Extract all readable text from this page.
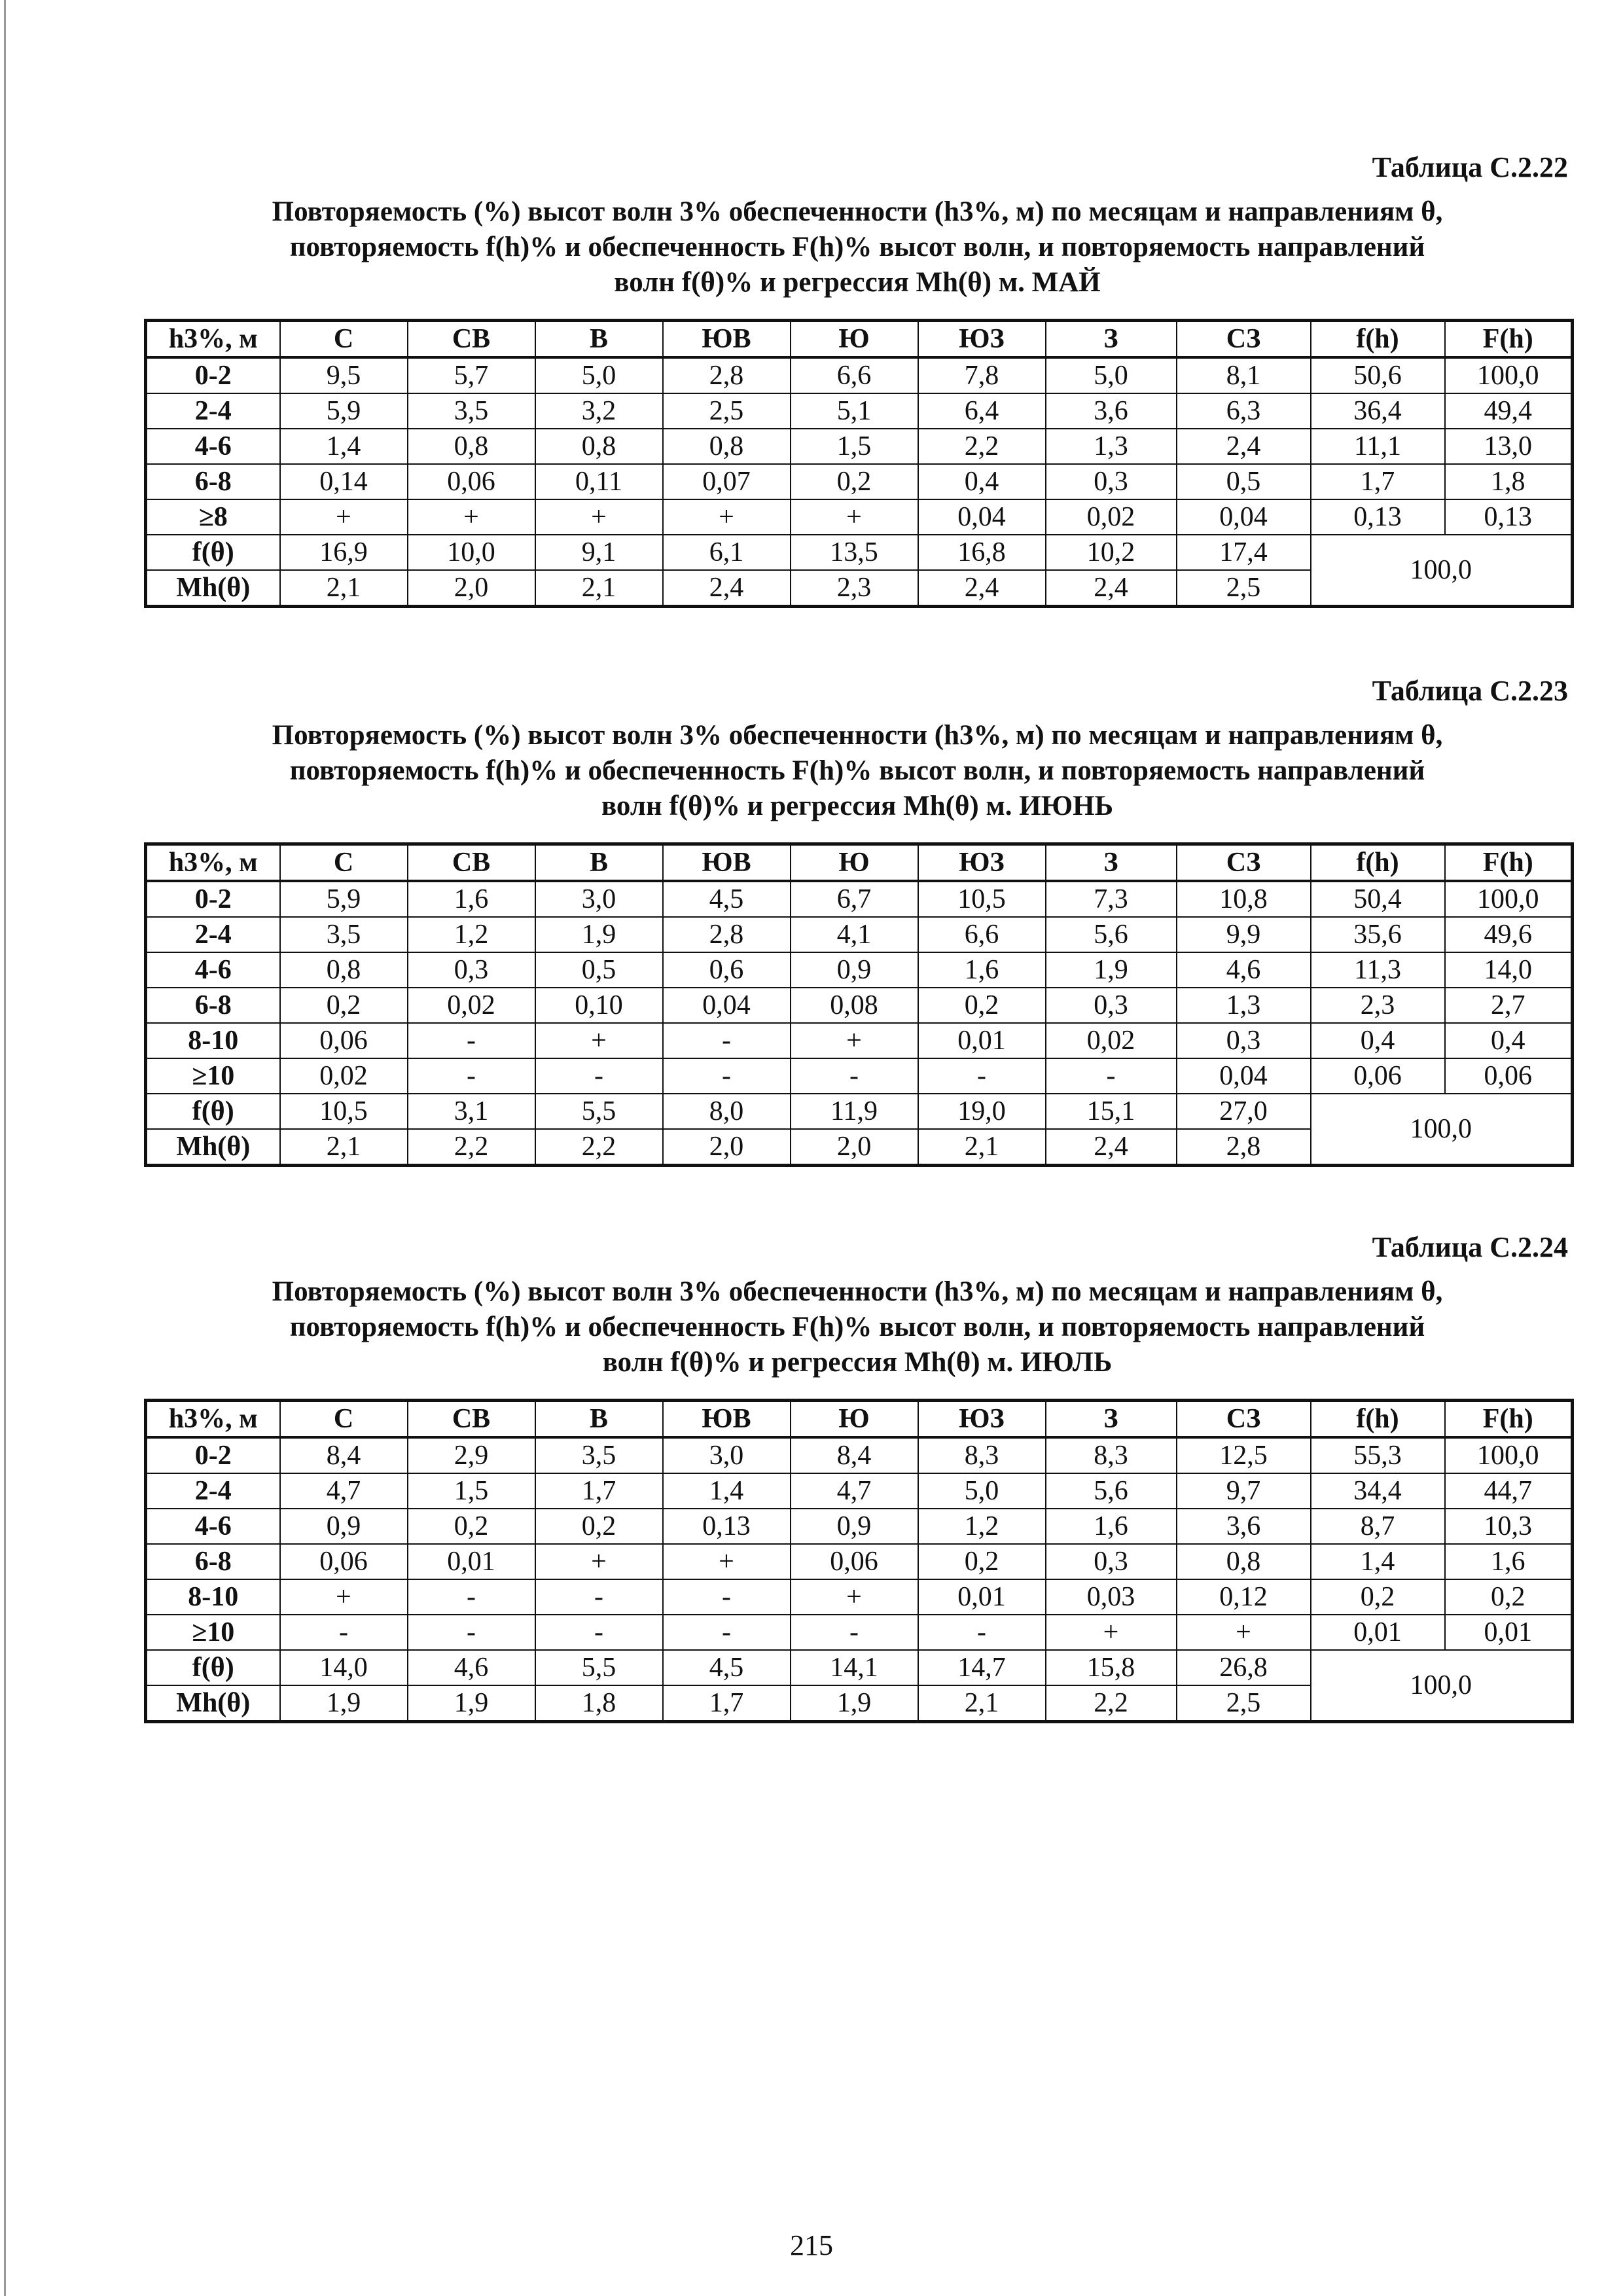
Таблица С.2.22
Повторяемость (%) высот волн 3% обеспеченности (h3%, м) по месяцам и направлениям θ,
повторяемость f(h)% и обеспеченность F(h)% высот волн, и повторяемость направлений
волн f(θ)% и регрессия Mh(θ) м. МАЙ
h3%, м	С	СВ	В	ЮВ	Ю	ЮЗ	З	СЗ	f(h)	F(h)
0-2	9,5	5,7	5,0	2,8	6,6	7,8	5,0	8,1	50,6	100,0
2-4	5,9	3,5	3,2	2,5	5,1	6,4	3,6	6,3	36,4	49,4
4-6	1,4	0,8	0,8	0,8	1,5	2,2	1,3	2,4	11,1	13,0
6-8	0,14	0,06	0,11	0,07	0,2	0,4	0,3	0,5	1,7	1,8
≥8	+	+	+	+	+	0,04	0,02	0,04	0,13	0,13
f(θ)	16,9	10,0	9,1	6,1	13,5	16,8	10,2	17,4	100,0	
Mh(θ)	2,1	2,0	2,1	2,4	2,3	2,4	2,4	2,5		
Таблица С.2.23
Повторяемость (%) высот волн 3% обеспеченности (h3%, м) по месяцам и направлениям θ,
повторяемость f(h)% и обеспеченность F(h)% высот волн, и повторяемость направлений
волн f(θ)% и регрессия Mh(θ) м. ИЮНЬ
h3%, м	С	СВ	В	ЮВ	Ю	ЮЗ	З	СЗ	f(h)	F(h)
0-2	5,9	1,6	3,0	4,5	6,7	10,5	7,3	10,8	50,4	100,0
2-4	3,5	1,2	1,9	2,8	4,1	6,6	5,6	9,9	35,6	49,6
4-6	0,8	0,3	0,5	0,6	0,9	1,6	1,9	4,6	11,3	14,0
6-8	0,2	0,02	0,10	0,04	0,08	0,2	0,3	1,3	2,3	2,7
8-10	0,06	-	+	-	+	0,01	0,02	0,3	0,4	0,4
≥10	0,02	-	-	-	-	-	-	0,04	0,06	0,06
f(θ)	10,5	3,1	5,5	8,0	11,9	19,0	15,1	27,0	100,0	
Mh(θ)	2,1	2,2	2,2	2,0	2,0	2,1	2,4	2,8		
Таблица С.2.24
Повторяемость (%) высот волн 3% обеспеченности (h3%, м) по месяцам и направлениям θ,
повторяемость f(h)% и обеспеченность F(h)% высот волн, и повторяемость направлений
волн f(θ)% и регрессия Mh(θ) м. ИЮЛЬ
h3%, м	С	СВ	В	ЮВ	Ю	ЮЗ	З	СЗ	f(h)	F(h)
0-2	8,4	2,9	3,5	3,0	8,4	8,3	8,3	12,5	55,3	100,0
2-4	4,7	1,5	1,7	1,4	4,7	5,0	5,6	9,7	34,4	44,7
4-6	0,9	0,2	0,2	0,13	0,9	1,2	1,6	3,6	8,7	10,3
6-8	0,06	0,01	+	+	0,06	0,2	0,3	0,8	1,4	1,6
8-10	+	-	-	-	+	0,01	0,03	0,12	0,2	0,2
≥10	-	-	-	-	-	-	+	+	0,01	0,01
f(θ)	14,0	4,6	5,5	4,5	14,1	14,7	15,8	26,8	100,0	
Mh(θ)	1,9	1,9	1,8	1,7	1,9	2,1	2,2	2,5		
215
